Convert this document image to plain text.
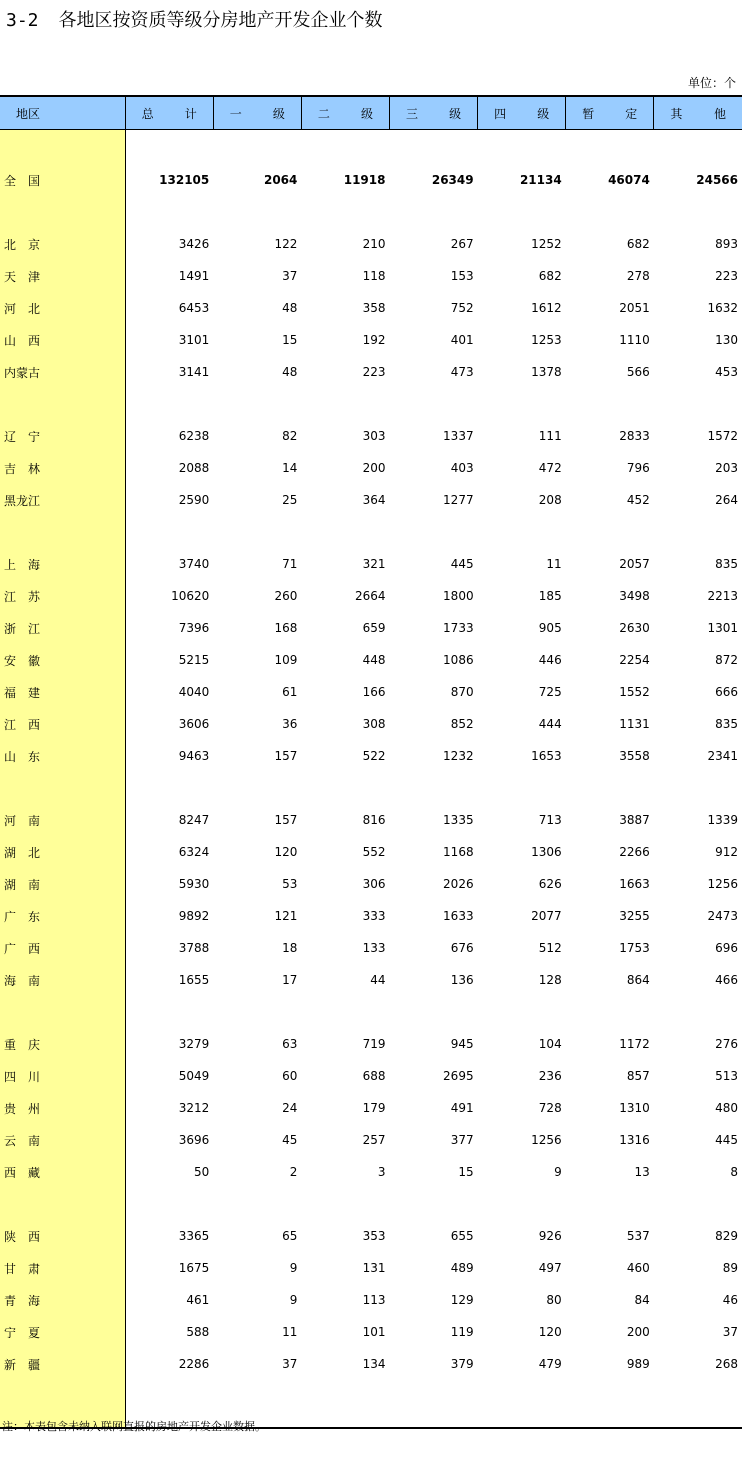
3-2 各地区按资质等级分房地产开发企业个数
单位：个
地区	总 计	一 级	二 级	三 级	四 级	暂 定	其 他

全　国	132105	2064	11918	26349	21134	46074	24566

北　京	3426	122	210	267	1252	682	893
天　津	1491	37	118	153	682	278	223
河　北	6453	48	358	752	1612	2051	1632
山　西	3101	15	192	401	1253	1110	130
内蒙古	3141	48	223	473	1378	566	453

辽　宁	6238	82	303	1337	111	2833	1572
吉　林	2088	14	200	403	472	796	203
黑龙江	2590	25	364	1277	208	452	264

上　海	3740	71	321	445	11	2057	835
江　苏	10620	260	2664	1800	185	3498	2213
浙　江	7396	168	659	1733	905	2630	1301
安　徽	5215	109	448	1086	446	2254	872
福　建	4040	61	166	870	725	1552	666
江　西	3606	36	308	852	444	1131	835
山　东	9463	157	522	1232	1653	3558	2341

河　南	8247	157	816	1335	713	3887	1339
湖　北	6324	120	552	1168	1306	2266	912
湖　南	5930	53	306	2026	626	1663	1256
广　东	9892	121	333	1633	2077	3255	2473
广　西	3788	18	133	676	512	1753	696
海　南	1655	17	44	136	128	864	466

重　庆	3279	63	719	945	104	1172	276
四　川	5049	60	688	2695	236	857	513
贵　州	3212	24	179	491	728	1310	480
云　南	3696	45	257	377	1256	1316	445
西　藏	50	2	3	15	9	13	8

陕　西	3365	65	353	655	926	537	829
甘　肃	1675	9	131	489	497	460	89
青　海	461	9	113	129	80	84	46
宁　夏	588	11	101	119	120	200	37
新　疆	2286	37	134	379	479	989	268

注：本表包含未纳入联网直报的房地产开发企业数据。
